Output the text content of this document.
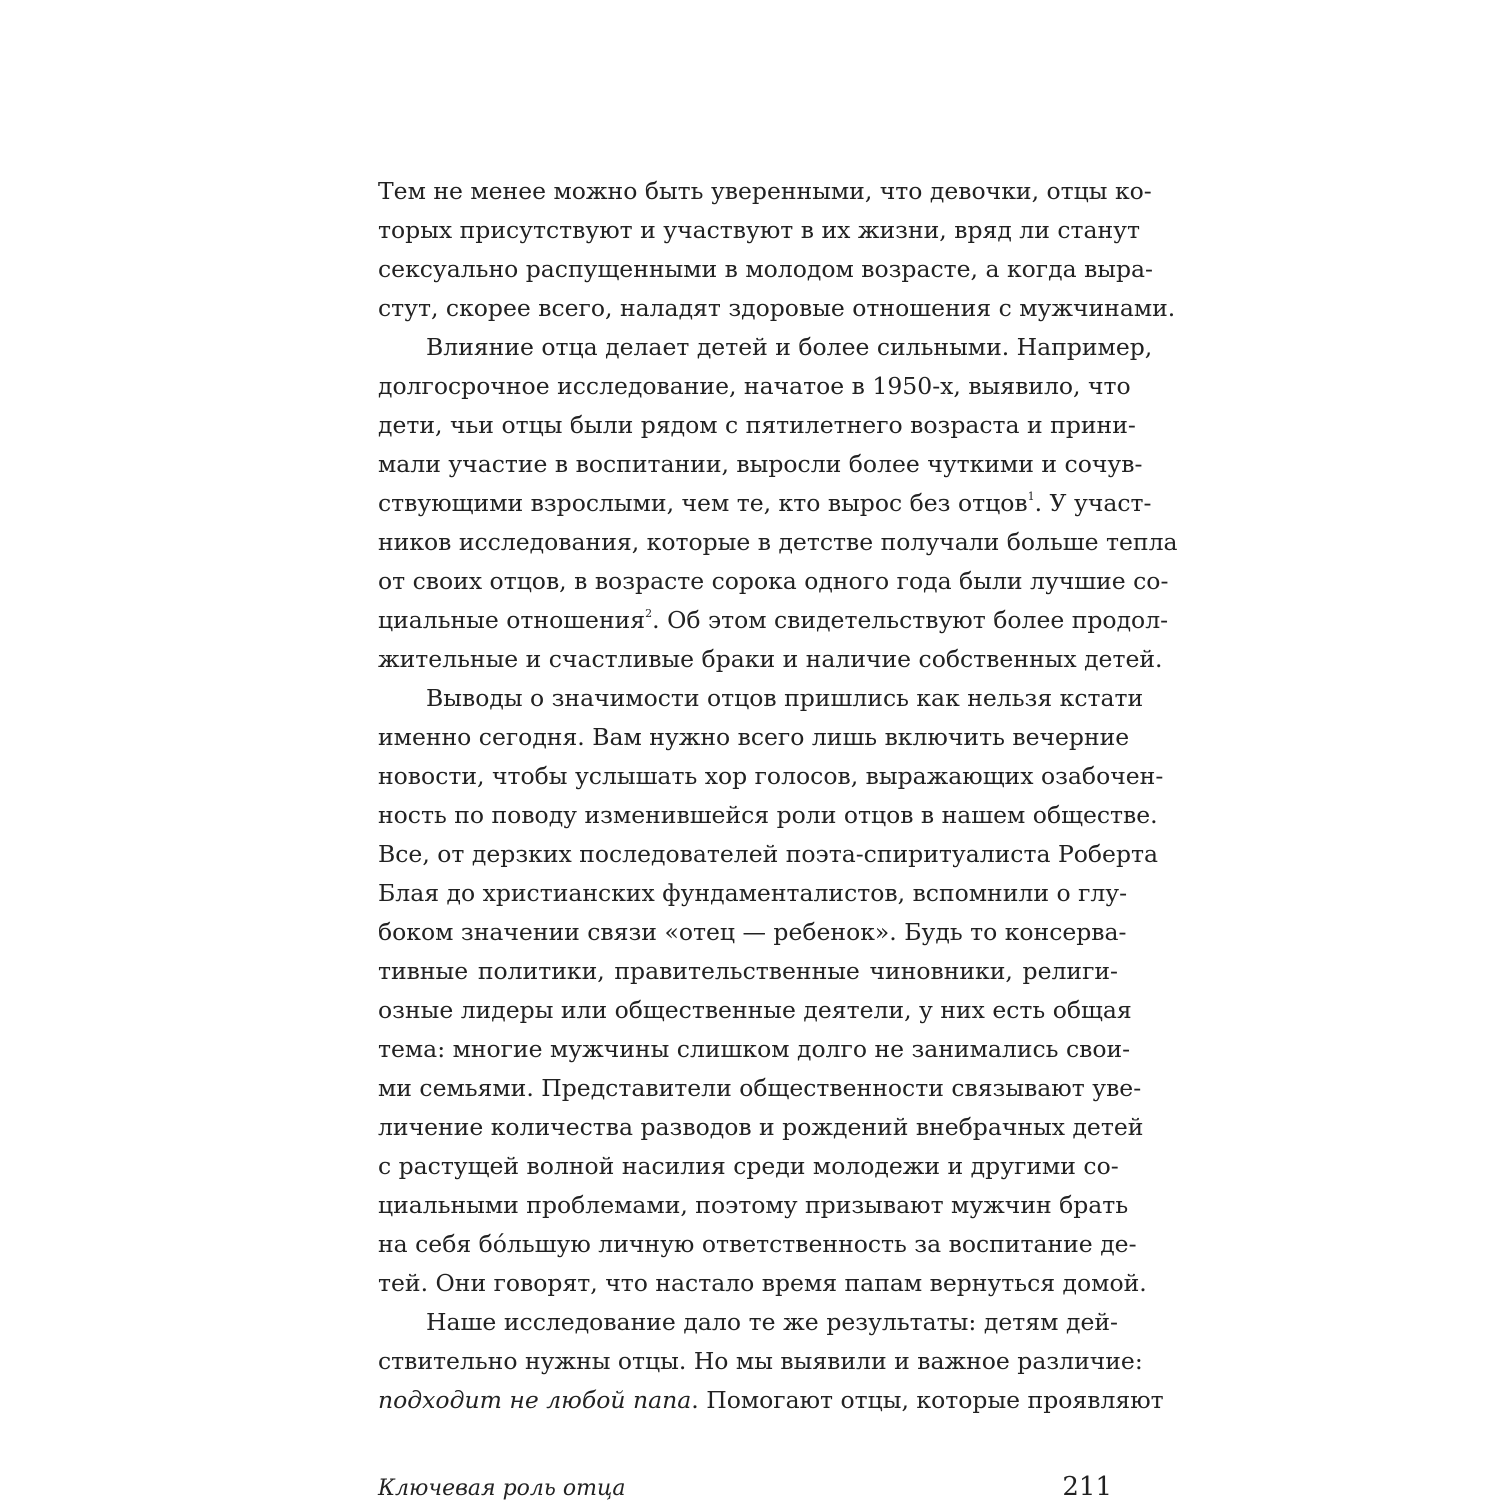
Тем не менее можно быть уверенными, что девочки, отцы ко-
торых присутствуют и участвуют в их жизни, вряд ли станут
сексуально распущенными в молодом возрасте, а когда выра-
стут, скорее всего, наладят здоровые отношения с мужчинами.
Влияние отца делает детей и более сильными. Например,
долгосрочное исследование, начатое в 1950-х, выявило, что
дети, чьи отцы были рядом с пятилетнего возраста и прини-
мали участие в воспитании, выросли более чуткими и сочув-
ствующими взрослыми, чем те, кто вырос без отцов$^1$. У участ-
ников исследования, которые в детстве получали больше тепла
от своих отцов, в возрасте сорока одного года были лучшие со-
циальные отношения$^2$. Об этом свидетельствуют более продол-
жительные и счастливые браки и наличие собственных детей.
Выводы о значимости отцов пришлись как нельзя кстати
именно сегодня. Вам нужно всего лишь включить вечерние
новости, чтобы услышать хор голосов, выражающих озабочен-
ность по поводу изменившейся роли отцов в нашем обществе.
Все, от дерзких последователей поэта-спиритуалиста Роберта
Блая до христианских фундаменталистов, вспомнили о глу-
боком значении связи «отец — ребенок». Будь то консерва-
тивные политики, правительственные чиновники, религи-
озные лидеры или общественные деятели, у них есть общая
тема: многие мужчины слишком долго не занимались свои-
ми семьями. Представители общественности связывают уве-
личение количества разводов и рождений внебрачных детей
с растущей волной насилия среди молодежи и другими со-
циальными проблемами, поэтому призывают мужчин брать
на себя бóльшую личную ответственность за воспитание де-
тей. Они говорят, что настало время папам вернуться домой.
Наше исследование дало те же результаты: детям дей-
ствительно нужны отцы. Но мы выявили и важное различие:
подходит не любой папа. Помогают отцы, которые проявляют
Ключевая роль отца	211
